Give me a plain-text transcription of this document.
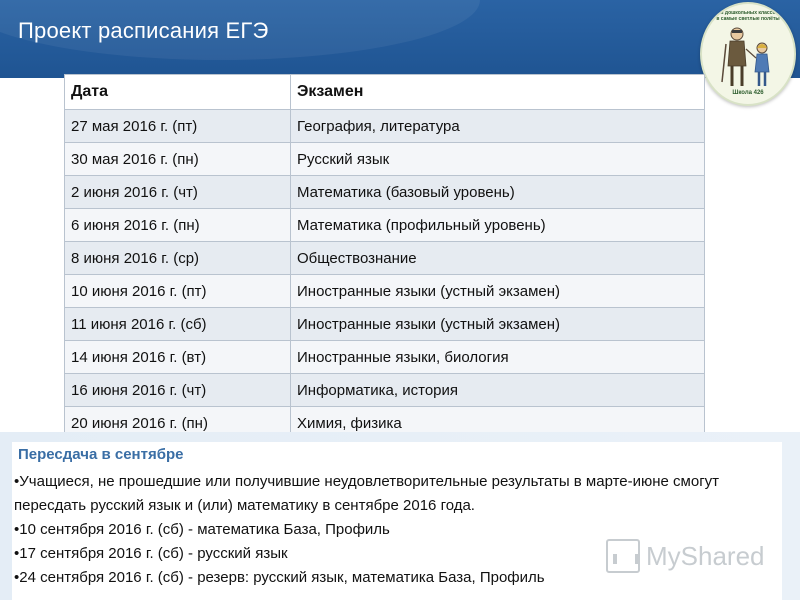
Проект расписания ЕГЭ
Из дошкольных классов в самые светлые полёты
Школа 426
Дата	Экзамен
27 мая 2016 г. (пт)	География, литература
30 мая 2016 г. (пн)	Русский язык
2 июня 2016 г. (чт)	Математика (базовый уровень)
6 июня 2016 г. (пн)	Математика (профильный уровень)
8 июня 2016 г. (ср)	Обществознание
10 июня 2016 г. (пт)	Иностранные языки (устный экзамен)
11 июня 2016 г. (сб)	Иностранные языки (устный экзамен)
14 июня 2016 г. (вт)	Иностранные языки, биология
16 июня 2016 г. (чт)	Информатика, история
20 июня 2016 г. (пн)	Химия, физика
Пересдача в сентябре

•Учащиеся, не прошедшие или получившие неудовлетворительные результаты в марте-июне смогут пересдать русский язык и (или) математику в сентябре 2016 года.

•10 сентября 2016 г. (сб) - математика База, Профиль

•17 сентября 2016 г. (сб) - русский язык

•24 сентября 2016 г. (сб) - резерв: русский язык, математика База, Профиль

MyShared
